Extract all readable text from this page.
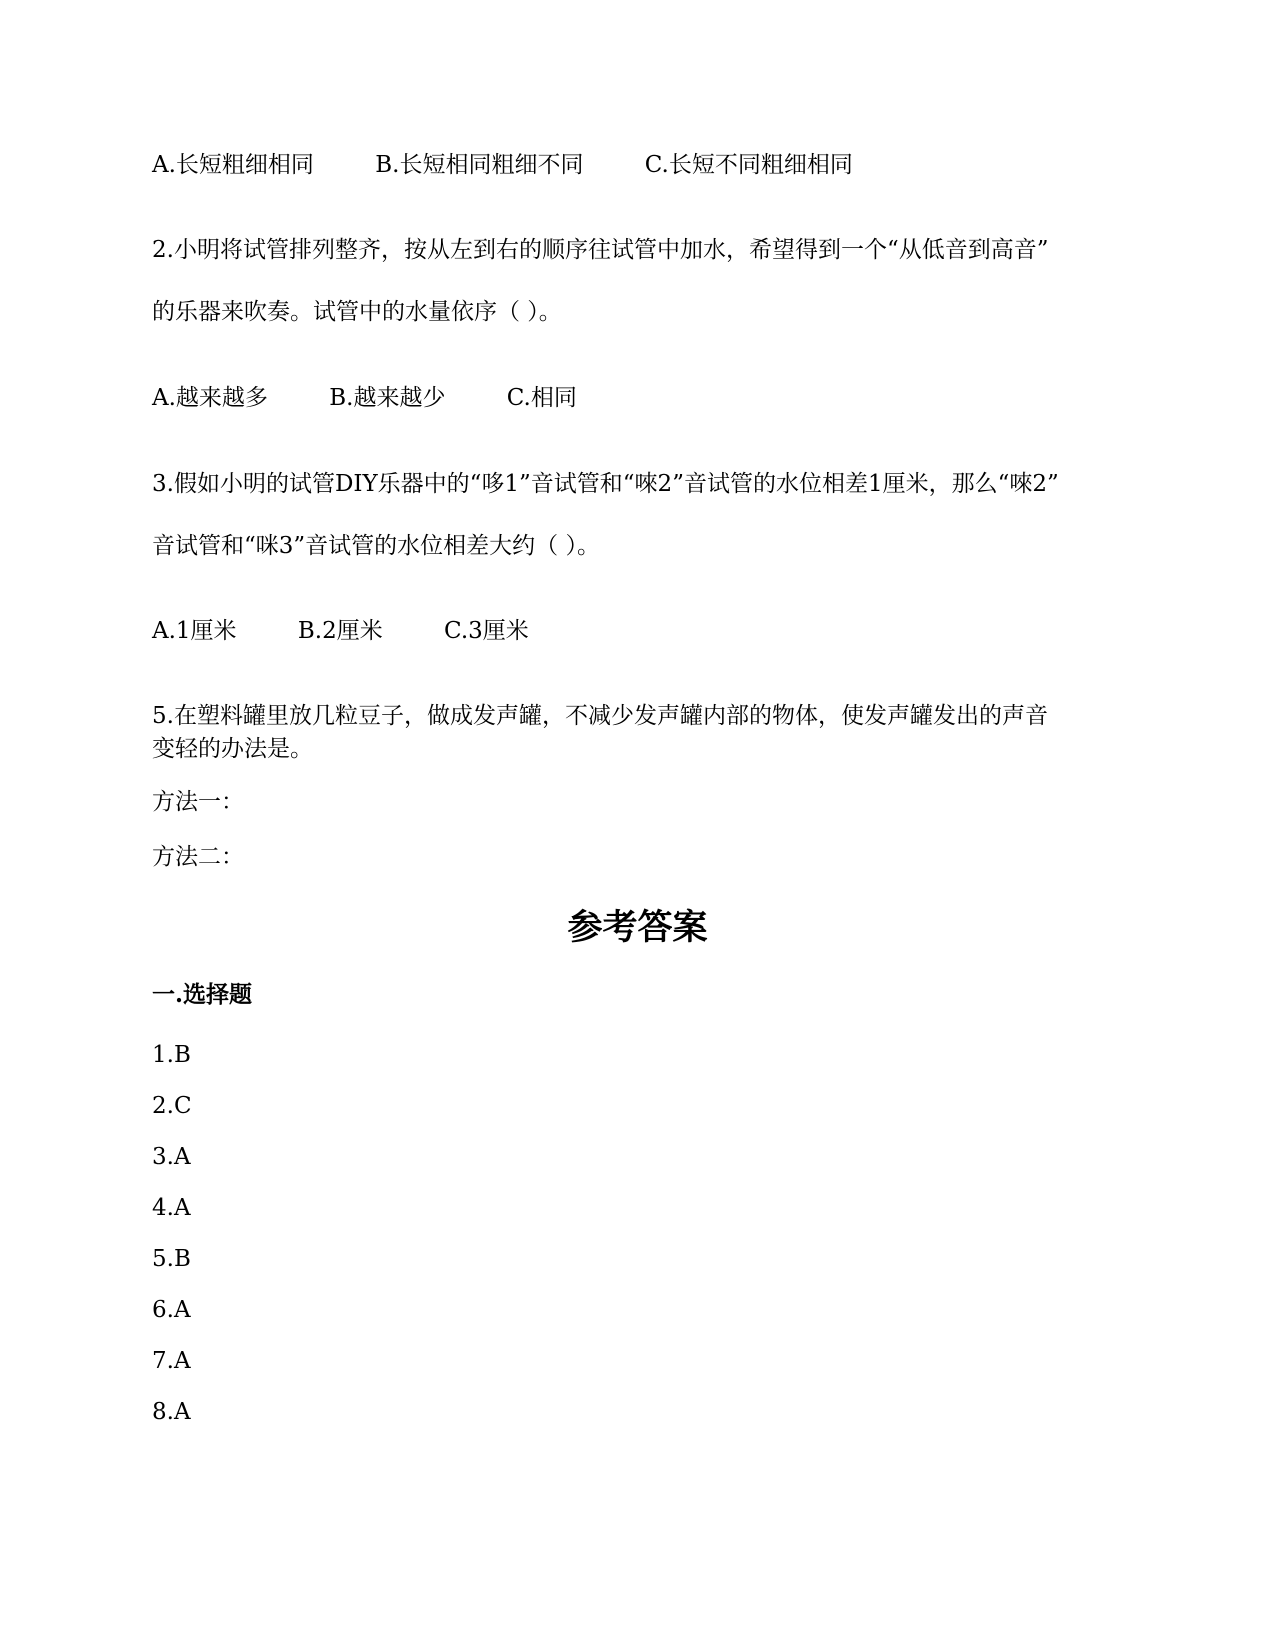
A.长短粗细相同	B.长短相同粗细不同	C.长短不同粗细相同
2.小明将试管排列整齐，按从左到右的顺序往试管中加水，希望得到一个“从低音到高音”
的乐器来吹奏。试管中的水量依序（ ）。
A.越来越多	B.越来越少	C.相同
3.假如小明的试管DIY乐器中的“哆1”音试管和“唻2”音试管的水位相差1厘米，那么“唻2”
音试管和“咪3”音试管的水位相差大约（ ）。
A.1厘米	B.2厘米	C.3厘米
5.在塑料罐里放几粒豆子，做成发声罐，不减少发声罐内部的物体，使发声罐发出的声音
变轻的办法是。
方法一：
方法二：
参考答案
一.选择题
1.B
2.C
3.A
4.A
5.B
6.A
7.A
8.A
